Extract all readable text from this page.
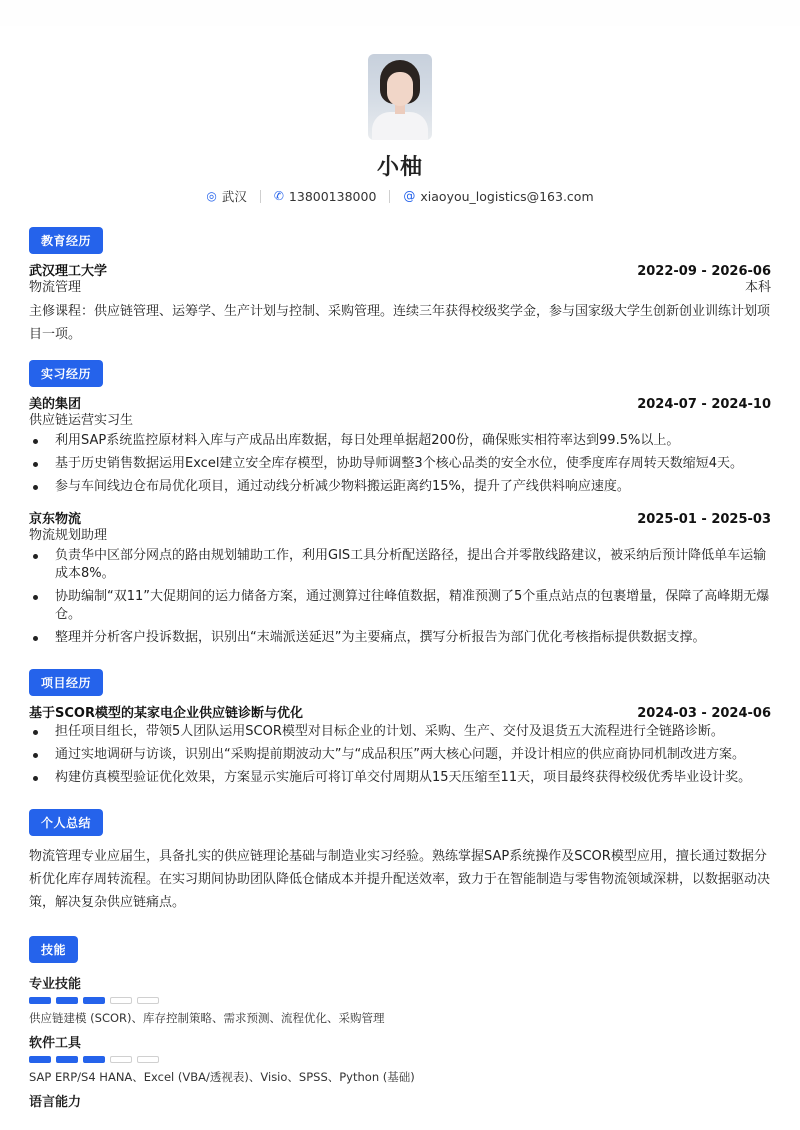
小柚
◎ 武汉 ✆ 13800138000 @ xiaoyou_logistics@163.com
教育经历
武汉理工大学	2022-09 - 2026-06
物流管理	本科
主修课程：供应链管理、运筹学、生产计划与控制、采购管理。连续三年获得校级奖学金，参与国家级大学生创新创业训练计划项目一项。
实习经历
美的集团	2024-07 - 2024-10
供应链运营实习生
利用SAP系统监控原材料入库与产成品出库数据，每日处理单据超200份，确保账实相符率达到99.5%以上。
基于历史销售数据运用Excel建立安全库存模型，协助导师调整3个核心品类的安全水位，使季度库存周转天数缩短4天。
参与车间线边仓布局优化项目，通过动线分析减少物料搬运距离约15%，提升了产线供料响应速度。
京东物流	2025-01 - 2025-03
物流规划助理
负责华中区部分网点的路由规划辅助工作，利用GIS工具分析配送路径，提出合并零散线路建议，被采纳后预计降低单车运输成本8%。
协助编制“双11”大促期间的运力储备方案，通过测算过往峰值数据，精准预测了5个重点站点的包裹增量，保障了高峰期无爆仓。
整理并分析客户投诉数据，识别出“末端派送延迟”为主要痛点，撰写分析报告为部门优化考核指标提供数据支撑。
项目经历
基于SCOR模型的某家电企业供应链诊断与优化	2024-03 - 2024-06
担任项目组长，带领5人团队运用SCOR模型对目标企业的计划、采购、生产、交付及退货五大流程进行全链路诊断。
通过实地调研与访谈，识别出“采购提前期波动大”与“成品积压”两大核心问题，并设计相应的供应商协同机制改进方案。
构建仿真模型验证优化效果，方案显示实施后可将订单交付周期从15天压缩至11天，项目最终获得校级优秀毕业设计奖。
个人总结
物流管理专业应届生，具备扎实的供应链理论基础与制造业实习经验。熟练掌握SAP系统操作及SCOR模型应用，擅长通过数据分析优化库存周转流程。在实习期间协助团队降低仓储成本并提升配送效率，致力于在智能制造与零售物流领域深耕，以数据驱动决策，解决复杂供应链痛点。
技能
专业技能
供应链建模 (SCOR)、库存控制策略、需求预测、流程优化、采购管理
软件工具
SAP ERP/S4 HANA、Excel (VBA/透视表)、Visio、SPSS、Python (基础)
语言能力
